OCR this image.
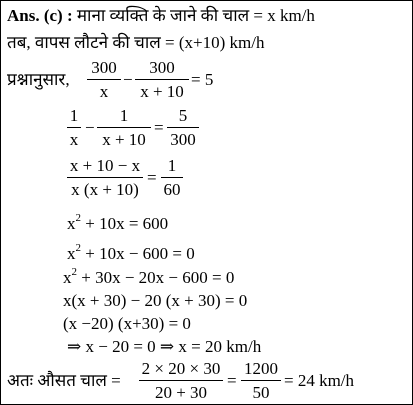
Ans. (c) : माना व्यक्ति के जाने की चाल = x km/h
तब, वापस लौटने की चाल = (x+10) km/h
प्रश्नानुसार,
300
x
−
300
x + 10
= 5
1
x
−
1
x + 10
=
5
300
x + 10 − x
x (x + 10)
=
1
60
$x^2 + 10x = 600$
$x^2 + 10x - 600 = 0$
$x^2 + 30x - 20x - 600 = 0$
x(x + 30) − 20 (x + 30) = 0
(x −20) (x+30) = 0
⇒ x − 20 = 0 ⇒ x = 20 km/h
अतः औसत चाल =
2 × 20 × 30
20 + 30
=
1200
50
= 24 km/h
